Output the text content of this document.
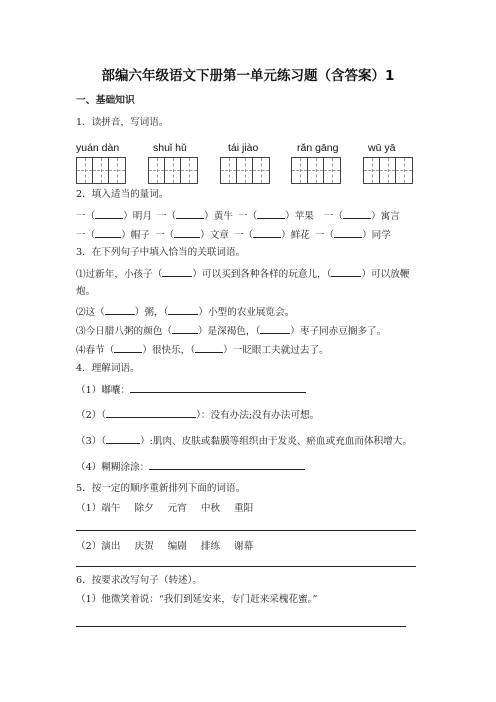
部编六年级语文下册第一单元练习题（含答案）1
一、基础知识
1．读拼音，写词语。
yuán dàn	shuǐ hǔ	tái jiào	rǎn gāng	wū yā
2．填入适当的量词。
一（	）明月 一（	）黄牛 一（	）苹果 一（	）寓言
一（	）帽子 一（	）文章 一（	）鲜花 一（	）同学
3．在下列句子中填入恰当的关联词语。
⑴过新年，小孩子（	）可以买到各种各样的玩意儿，（	）可以放鞭
炮。
⑵这（	）粥，（	）小型的农业展览会。
⑶今日腊八粥的颜色（	）是深褐色，（	）枣子同赤豆搁多了。
⑷春节（	）很快乐，（	）一眨眼工夫就过去了。
4．理解词语。
（1）嘟囔：
（2）（	）：没有办法;没有办法可想。
（3）（	）:肌肉、皮肤或黏膜等组织由于发炎、瘀血或充血而体积增大。
（4）糊糊涂涂：
5．按一定的顺序重新排列下面的词语。
（1）端午 除夕 元宵 中秋 重阳
（2）演出 庆贺 编剧 排练 谢幕
6．按要求改写句子（转述）。
（1）他微笑着说：“我们到延安来，专门赶来采槐花蜜。”
